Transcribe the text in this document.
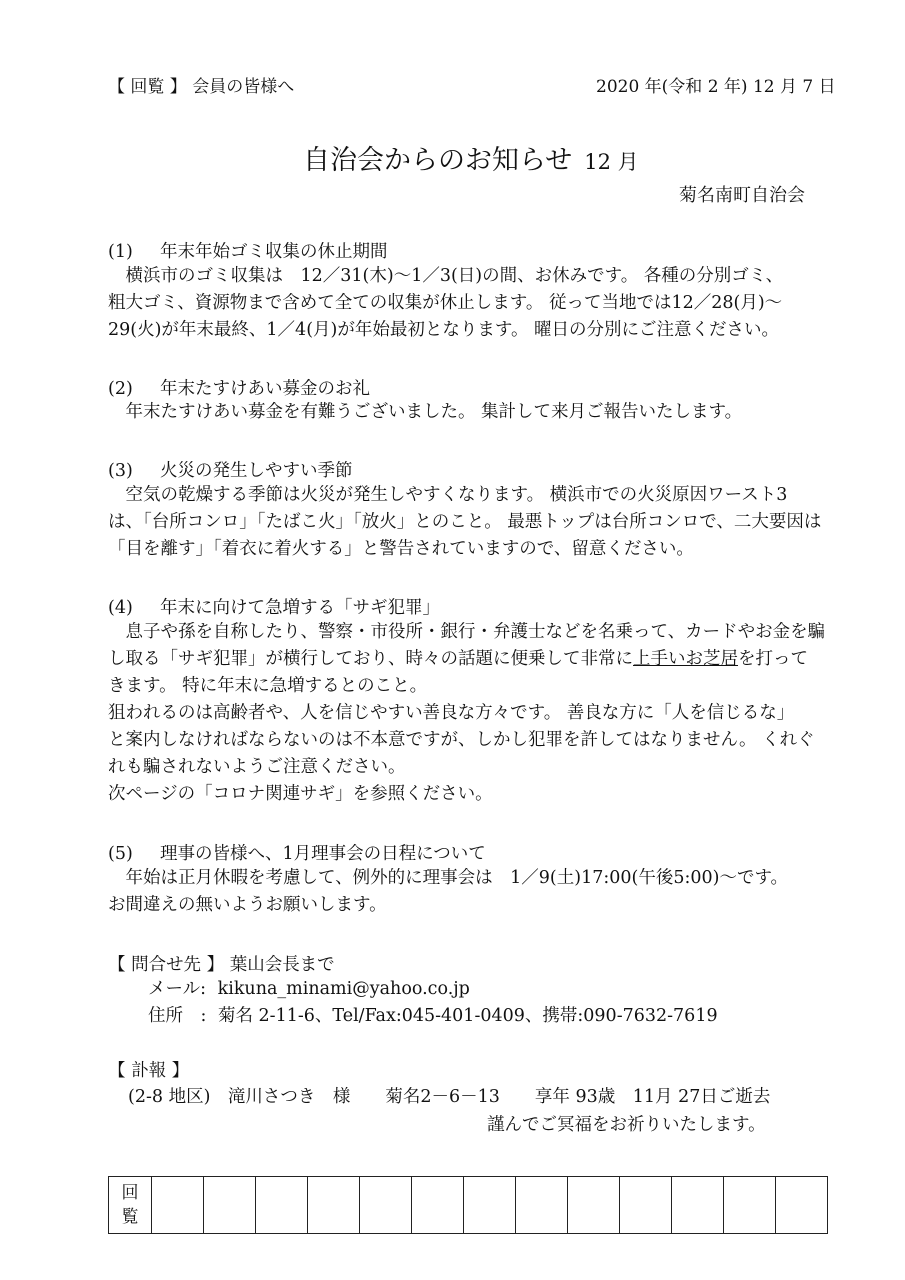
【 回覧 】 会員の皆様へ	2020 年(令和 2 年) 12 月 7 日
自治会からのお知らせ 12 月
菊名南町自治会
(1) 年末年始ゴミ収集の休止期間
　横浜市のゴミ収集は　12／31(木)～1／3(日)の間、お休みです。 各種の分別ゴミ、
粗大ゴミ、資源物まで含めて全ての収集が休止します。 従って当地では12／28(月)～
29(火)が年末最終、1／4(月)が年始最初となります。 曜日の分別にご注意ください。
(2) 年末たすけあい募金のお礼
　年末たすけあい募金を有難うございました。 集計して来月ご報告いたします。
(3) 火災の発生しやすい季節
　空気の乾燥する季節は火災が発生しやすくなります。 横浜市での火災原因ワースト3
は、「台所コンロ」「たばこ火」「放火」とのこと。 最悪トップは台所コンロで、二大要因は
「目を離す」「着衣に着火する」と警告されていますので、留意ください。
(4) 年末に向けて急増する「サギ犯罪」
　息子や孫を自称したり、警察・市役所・銀行・弁護士などを名乗って、カードやお金を騙
し取る「サギ犯罪」が横行しており、時々の話題に便乗して非常に上手いお芝居を打って
きます。 特に年末に急増するとのこと。
狙われるのは高齢者や、人を信じやすい善良な方々です。 善良な方に「人を信じるな」
と案内しなければならないのは不本意ですが、しかし犯罪を許してはなりません。 くれぐ
れも騙されないようご注意ください。
次ページの「コロナ関連サギ」を参照ください。
(5) 理事の皆様へ、1月理事会の日程について
　年始は正月休暇を考慮して、例外的に理事会は　1／9(土)17:00(午後5:00)～です。
お間違えの無いようお願いします。
【 問合せ先 】 葉山会長まで
メール: kikuna_minami@yahoo.co.jp
住所　: 菊名 2-11-6、Tel/Fax:045-401-0409、携帯:090-7632-7619
【 訃報 】
(2-8 地区)　滝川さつき　様　　菊名2－6－13　　享年 93歳　11月 27日ご逝去
謹んでご冥福をお祈りいたします。
回
覧
